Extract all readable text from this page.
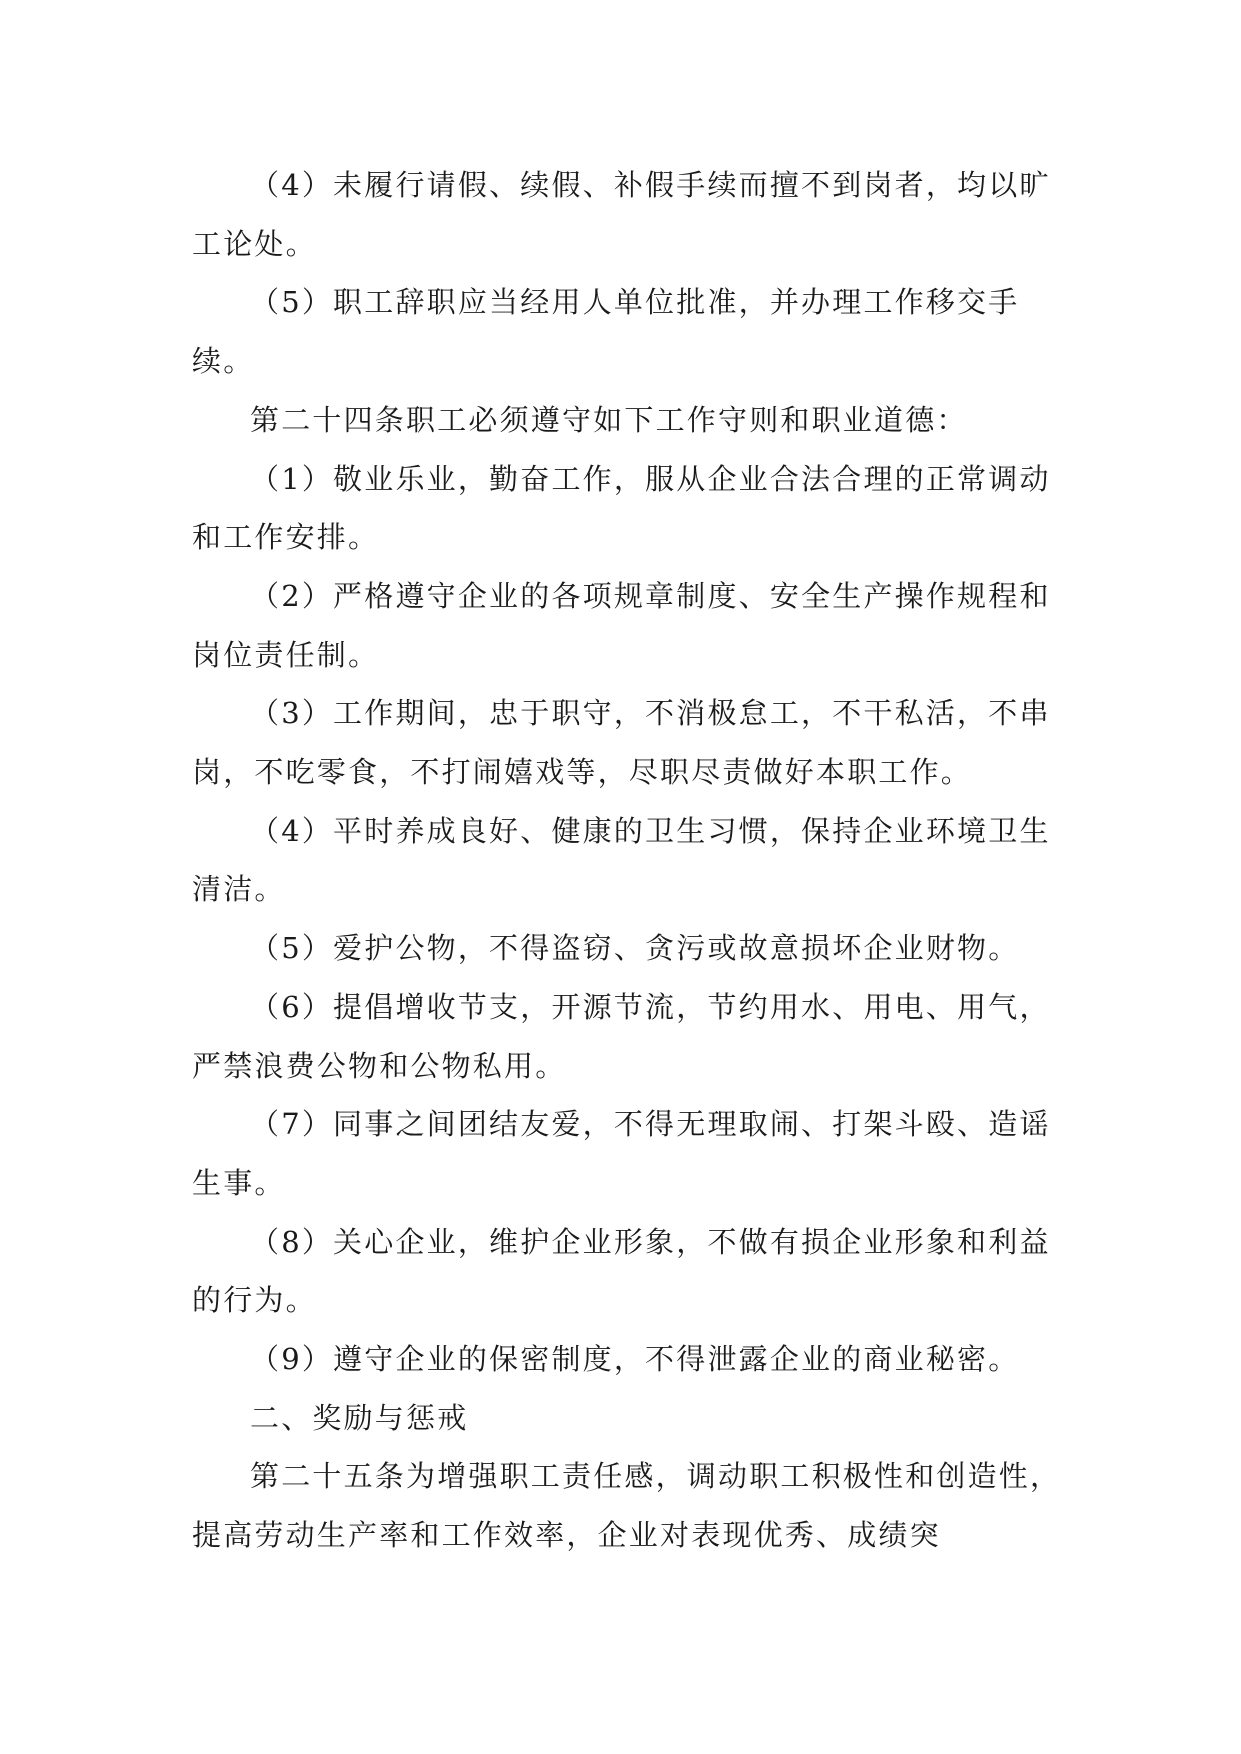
（4）未履行请假、续假、补假手续而擅不到岗者，均以旷工论处。

（5）职工辞职应当经用人单位批准，并办理工作移交手续。

第二十四条职工必须遵守如下工作守则和职业道德：

（1）敬业乐业，勤奋工作，服从企业合法合理的正常调动和工作安排。

（2）严格遵守企业的各项规章制度、安全生产操作规程和岗位责任制。

（3）工作期间，忠于职守，不消极怠工，不干私活，不串岗，不吃零食，不打闹嬉戏等，尽职尽责做好本职工作。

（4）平时养成良好、健康的卫生习惯，保持企业环境卫生清洁。

（5）爱护公物，不得盗窃、贪污或故意损坏企业财物。

（6）提倡增收节支，开源节流，节约用水、用电、用气，严禁浪费公物和公物私用。

（7）同事之间团结友爱，不得无理取闹、打架斗殴、造谣生事。

（8）关心企业，维护企业形象，不做有损企业形象和利益的行为。

（9）遵守企业的保密制度，不得泄露企业的商业秘密。

二、奖励与惩戒

第二十五条为增强职工责任感，调动职工积极性和创造性，提高劳动生产率和工作效率，企业对表现优秀、成绩突
